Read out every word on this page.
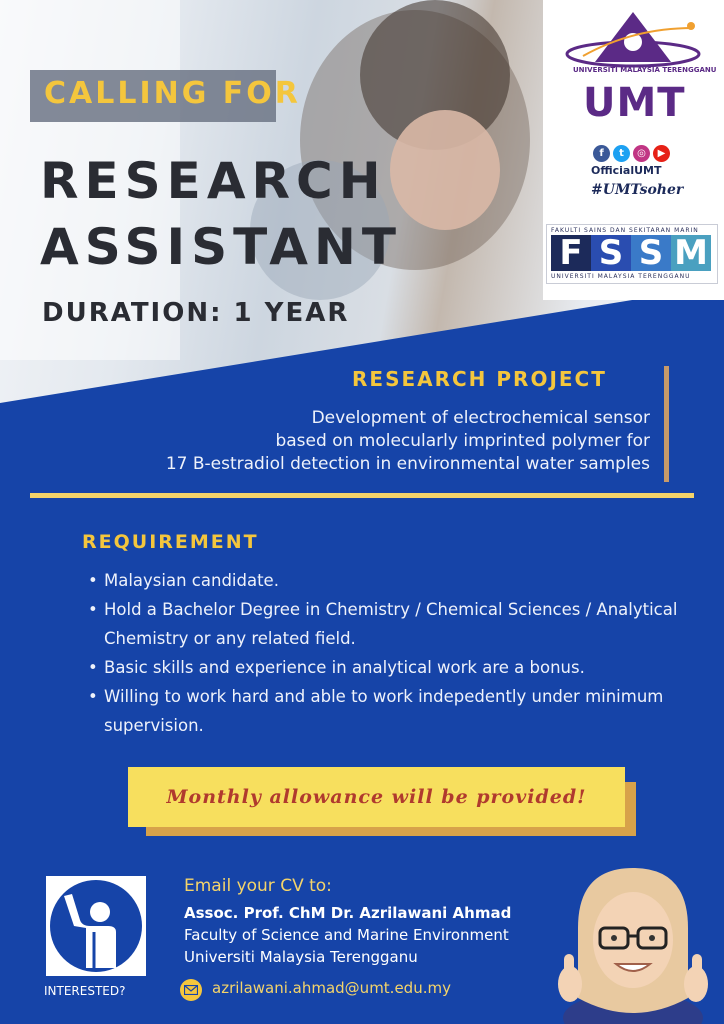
CALLING FOR
RESEARCH
ASSISTANT
DURATION: 1 YEAR
UNIVERSITI MALAYSIA TERENGGANU
UMT
f	t	◎	▶
OfficialUMT
#UMTsoher
FAKULTI SAINS DAN SEKITARAN MARIN
F S S M
UNIVERSITI MALAYSIA TERENGGANU
RESEARCH PROJECT
Development of electrochemical sensor
based on molecularly imprinted polymer for
17 B-estradiol detection in environmental water samples
REQUIREMENT
• Malaysian candidate.
• Hold a Bachelor Degree in Chemistry / Chemical Sciences / Analytical Chemistry or any related field.
• Basic skills and experience in analytical work are a bonus.
• Willing to work hard and able to work indepedently under minimum supervision.
Monthly allowance will be provided!
INTERESTED?
Email your CV to:
Assoc. Prof. ChM Dr. Azrilawani Ahmad
Faculty of Science and Marine Environment
Universiti Malaysia Terengganu
azrilawani.ahmad@umt.edu.my
